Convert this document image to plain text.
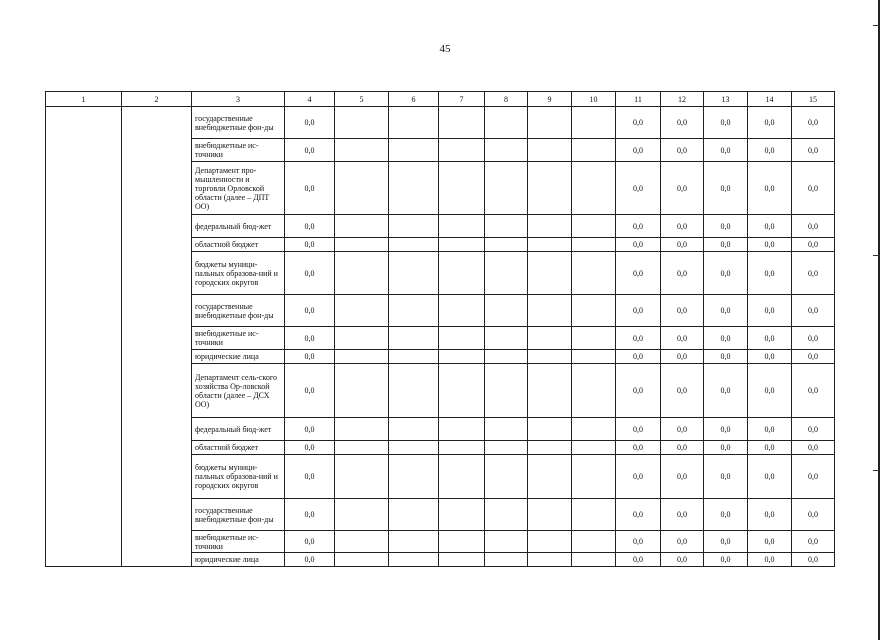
45
1	2	3	4	5	6	7	8	9	10	11	12	13	14	15
		государственные внебюджетные фон-ды	0,0							0,0	0,0	0,0	0,0	0,0
		внебюджетные ис-точники	0,0							0,0	0,0	0,0	0,0	0,0
		Департамент про-мышленности и торговли Орловской области (далее – ДПТ ОО)	0,0							0,0	0,0	0,0	0,0	0,0
		федеральный бюд-жет	0,0							0,0	0,0	0,0	0,0	0,0
		областной бюджет	0,0							0,0	0,0	0,0	0,0	0,0
		бюджеты муници-пальных образова-ний и городских округов	0,0							0,0	0,0	0,0	0,0	0,0
		государственные внебюджетные фон-ды	0,0							0,0	0,0	0,0	0,0	0,0
		внебюджетные ис-точники	0,0							0,0	0,0	0,0	0,0	0,0
		юридические лица	0,0							0,0	0,0	0,0	0,0	0,0
		Департамент сель-ского хозяйства Ор-ловской области (далее – ДСХ ОО)	0,0							0,0	0,0	0,0	0,0	0,0
		федеральный бюд-жет	0,0							0,0	0,0	0,0	0,0	0,0
		областной бюджет	0,0							0,0	0,0	0,0	0,0	0,0
		бюджеты муници-пальных образова-ний и городских округов	0,0							0,0	0,0	0,0	0,0	0,0
		государственные внебюджетные фон-ды	0,0							0,0	0,0	0,0	0,0	0,0
		внебюджетные ис-точники	0,0							0,0	0,0	0,0	0,0	0,0
		юридические лица	0,0							0,0	0,0	0,0	0,0	0,0
